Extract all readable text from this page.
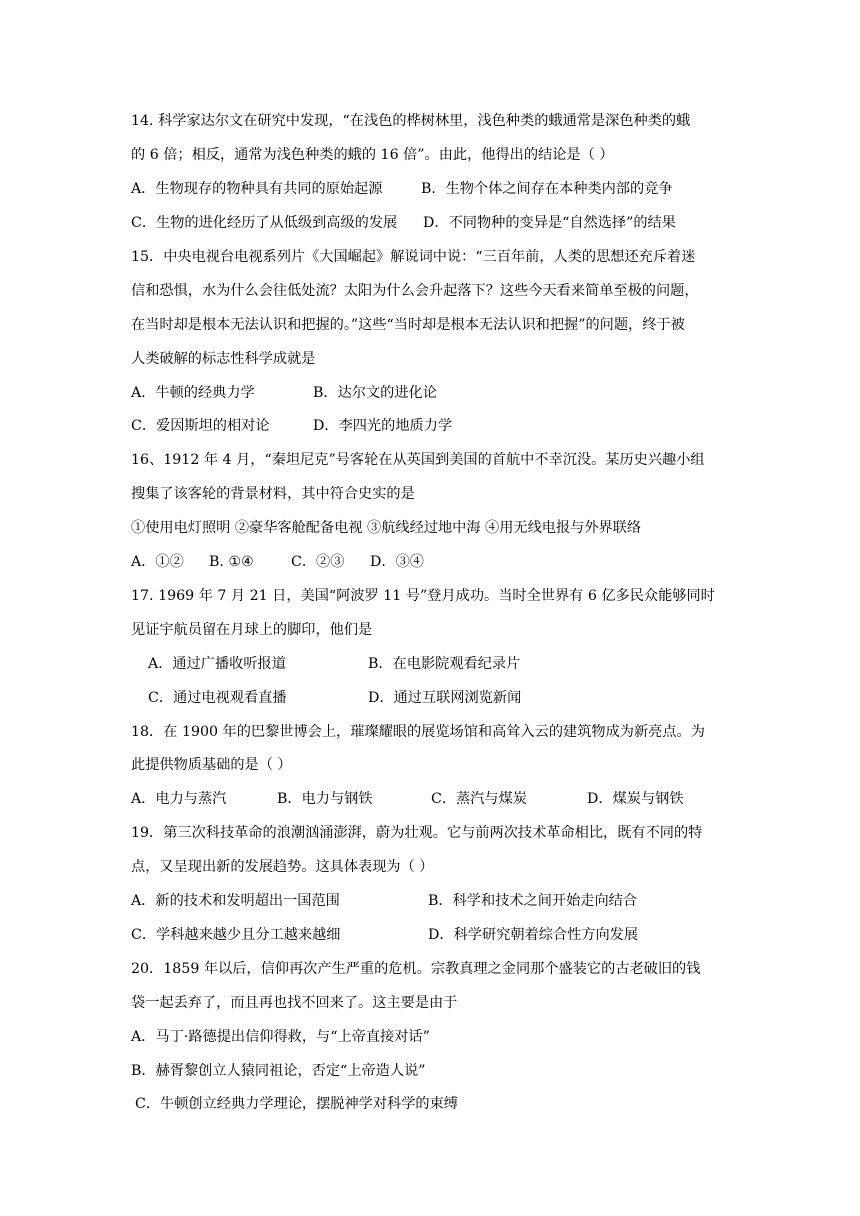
14. 科学家达尔文在研究中发现，“在浅色的桦树林里，浅色种类的蛾通常是深色种类的蛾
的 6 倍；相反，通常为浅色种类的蛾的 16 倍”。由此，他得出的结论是（ ）
A．生物现存的物种具有共同的原始起源	B．生物个体之间存在本种类内部的竞争
C．生物的进化经历了从低级到高级的发展 D．不同物种的变异是“自然选择”的结果
15．中央电视台电视系列片《大国崛起》解说词中说：“三百年前，人类的思想还充斥着迷
信和恐惧，水为什么会往低处流？太阳为什么会升起落下？这些今天看来简单至极的问题，
在当时却是根本无法认识和把握的。”这些“当时却是根本无法认识和把握”的问题，终于被
人类破解的标志性科学成就是
A．牛顿的经典力学	B．达尔文的进化论
C．爱因斯坦的相对论	D．李四光的地质力学
16、1912 年 4 月，“秦坦尼克”号客轮在从英国到美国的首航中不幸沉没。某历史兴趣小组
搜集了该客轮的背景材料，其中符合史实的是
①使用电灯照明 ②豪华客舱配备电视 ③航线经过地中海 ④用无线电报与外界联络
A．①② B. ①④	C．②③ D．③④
17. 1969 年 7 月 21 日，美国“阿波罗 11 号”登月成功。当时全世界有 6 亿多民众能够同时
见证宇航员留在月球上的脚印，他们是
A．通过广播收听报道	B．在电影院观看纪录片
C．通过电视观看直播	D．通过互联网浏览新闻
18．在 1900 年的巴黎世博会上，璀璨耀眼的展览场馆和高耸入云的建筑物成为新亮点。为
此提供物质基础的是（ ）
A．电力与蒸汽	B．电力与钢铁	C．蒸汽与煤炭	D．煤炭与钢铁
19．第三次科技革命的浪潮汹涌澎湃，蔚为壮观。它与前两次技术革命相比，既有不同的特
点，又呈现出新的发展趋势。这具体表现为（ ）
A．新的技术和发明超出一国范围	B．科学和技术之间开始走向结合
C．学科越来越少且分工越来越细	D．科学研究朝着综合性方向发展
20．1859 年以后，信仰再次产生严重的危机。宗教真理之金同那个盛装它的古老破旧的钱
袋一起丢弃了，而且再也找不回来了。这主要是由于
A．马丁·路德提出信仰得救，与“上帝直接对话”
B．赫胥黎创立人猿同祖论，否定“上帝造人说”
C．牛顿创立经典力学理论，摆脱神学对科学的束缚
